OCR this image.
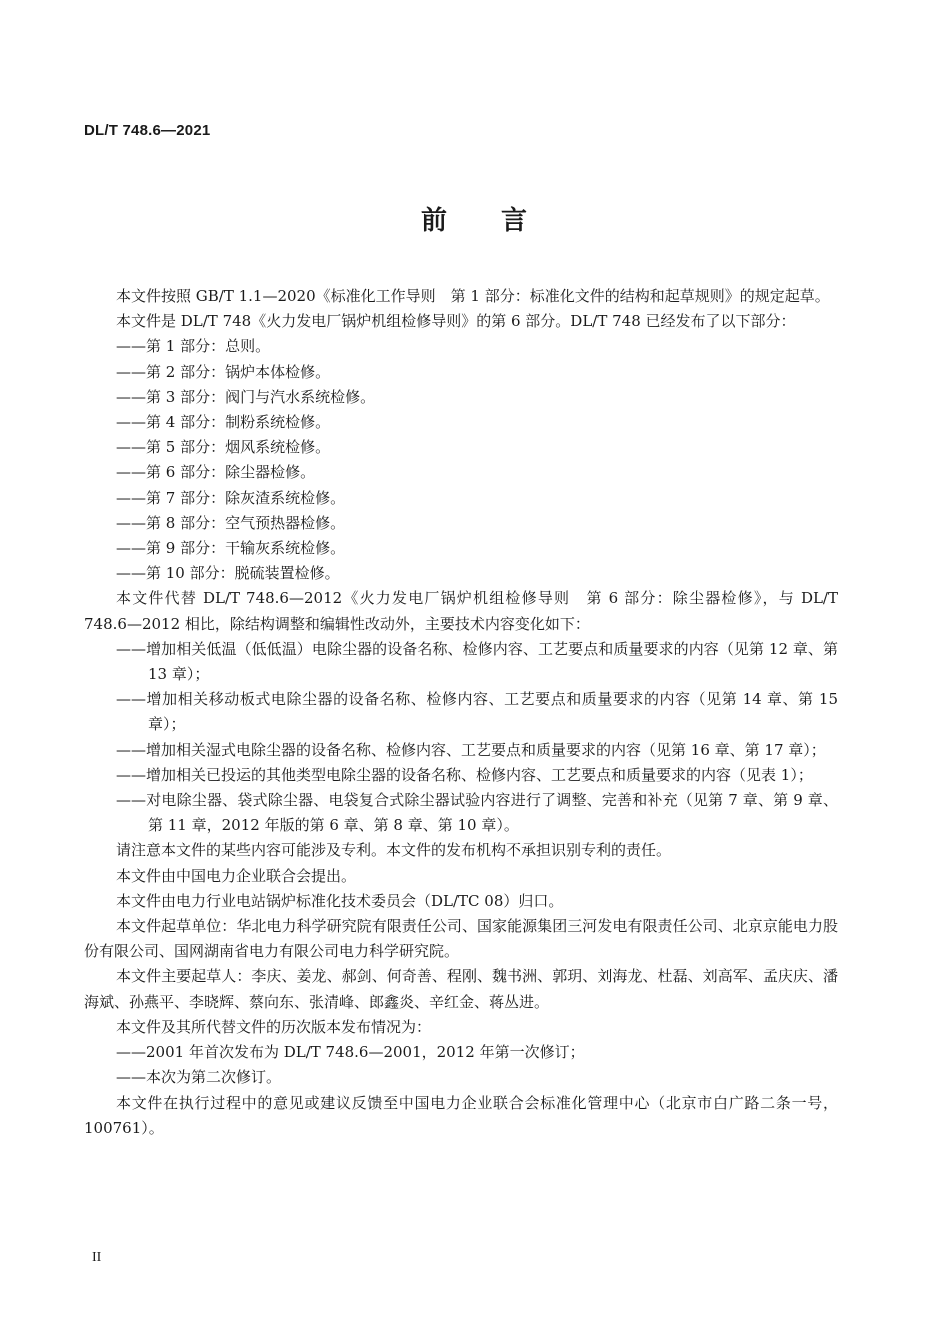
DL/T 748.6—2021
前 言

本文件按照 GB/T 1.1—2020《标准化工作导则　第 1 部分：标准化文件的结构和起草规则》的规定起草。

本文件是 DL/T 748《火力发电厂锅炉机组检修导则》的第 6 部分。DL/T 748 已经发布了以下部分：

——第 1 部分：总则。

——第 2 部分：锅炉本体检修。

——第 3 部分：阀门与汽水系统检修。

——第 4 部分：制粉系统检修。

——第 5 部分：烟风系统检修。

——第 6 部分：除尘器检修。

——第 7 部分：除灰渣系统检修。

——第 8 部分：空气预热器检修。

——第 9 部分：干输灰系统检修。

——第 10 部分：脱硫装置检修。

本文件代替 DL/T 748.6—2012《火力发电厂锅炉机组检修导则　第 6 部分：除尘器检修》，与 DL/T 748.6—2012 相比，除结构调整和编辑性改动外，主要技术内容变化如下：

——增加相关低温（低低温）电除尘器的设备名称、检修内容、工艺要点和质量要求的内容（见第 12 章、第 13 章）；

——增加相关移动板式电除尘器的设备名称、检修内容、工艺要点和质量要求的内容（见第 14 章、第 15 章）；

——增加相关湿式电除尘器的设备名称、检修内容、工艺要点和质量要求的内容（见第 16 章、第 17 章）；

——增加相关已投运的其他类型电除尘器的设备名称、检修内容、工艺要点和质量要求的内容（见表 1）；

——对电除尘器、袋式除尘器、电袋复合式除尘器试验内容进行了调整、完善和补充（见第 7 章、第 9 章、第 11 章，2012 年版的第 6 章、第 8 章、第 10 章）。

请注意本文件的某些内容可能涉及专利。本文件的发布机构不承担识别专利的责任。

本文件由中国电力企业联合会提出。

本文件由电力行业电站锅炉标准化技术委员会（DL/TC 08）归口。

本文件起草单位：华北电力科学研究院有限责任公司、国家能源集团三河发电有限责任公司、北京京能电力股份有限公司、国网湖南省电力有限公司电力科学研究院。

本文件主要起草人：李庆、姜龙、郝剑、何奇善、程刚、魏书洲、郭玥、刘海龙、杜磊、刘高军、孟庆庆、潘海斌、孙燕平、李晓辉、蔡向东、张清峰、郎鑫炎、辛红金、蒋丛进。

本文件及其所代替文件的历次版本发布情况为：

——2001 年首次发布为 DL/T 748.6—2001，2012 年第一次修订；

——本次为第二次修订。

本文件在执行过程中的意见或建议反馈至中国电力企业联合会标准化管理中心（北京市白广路二条一号，100761）。

II
